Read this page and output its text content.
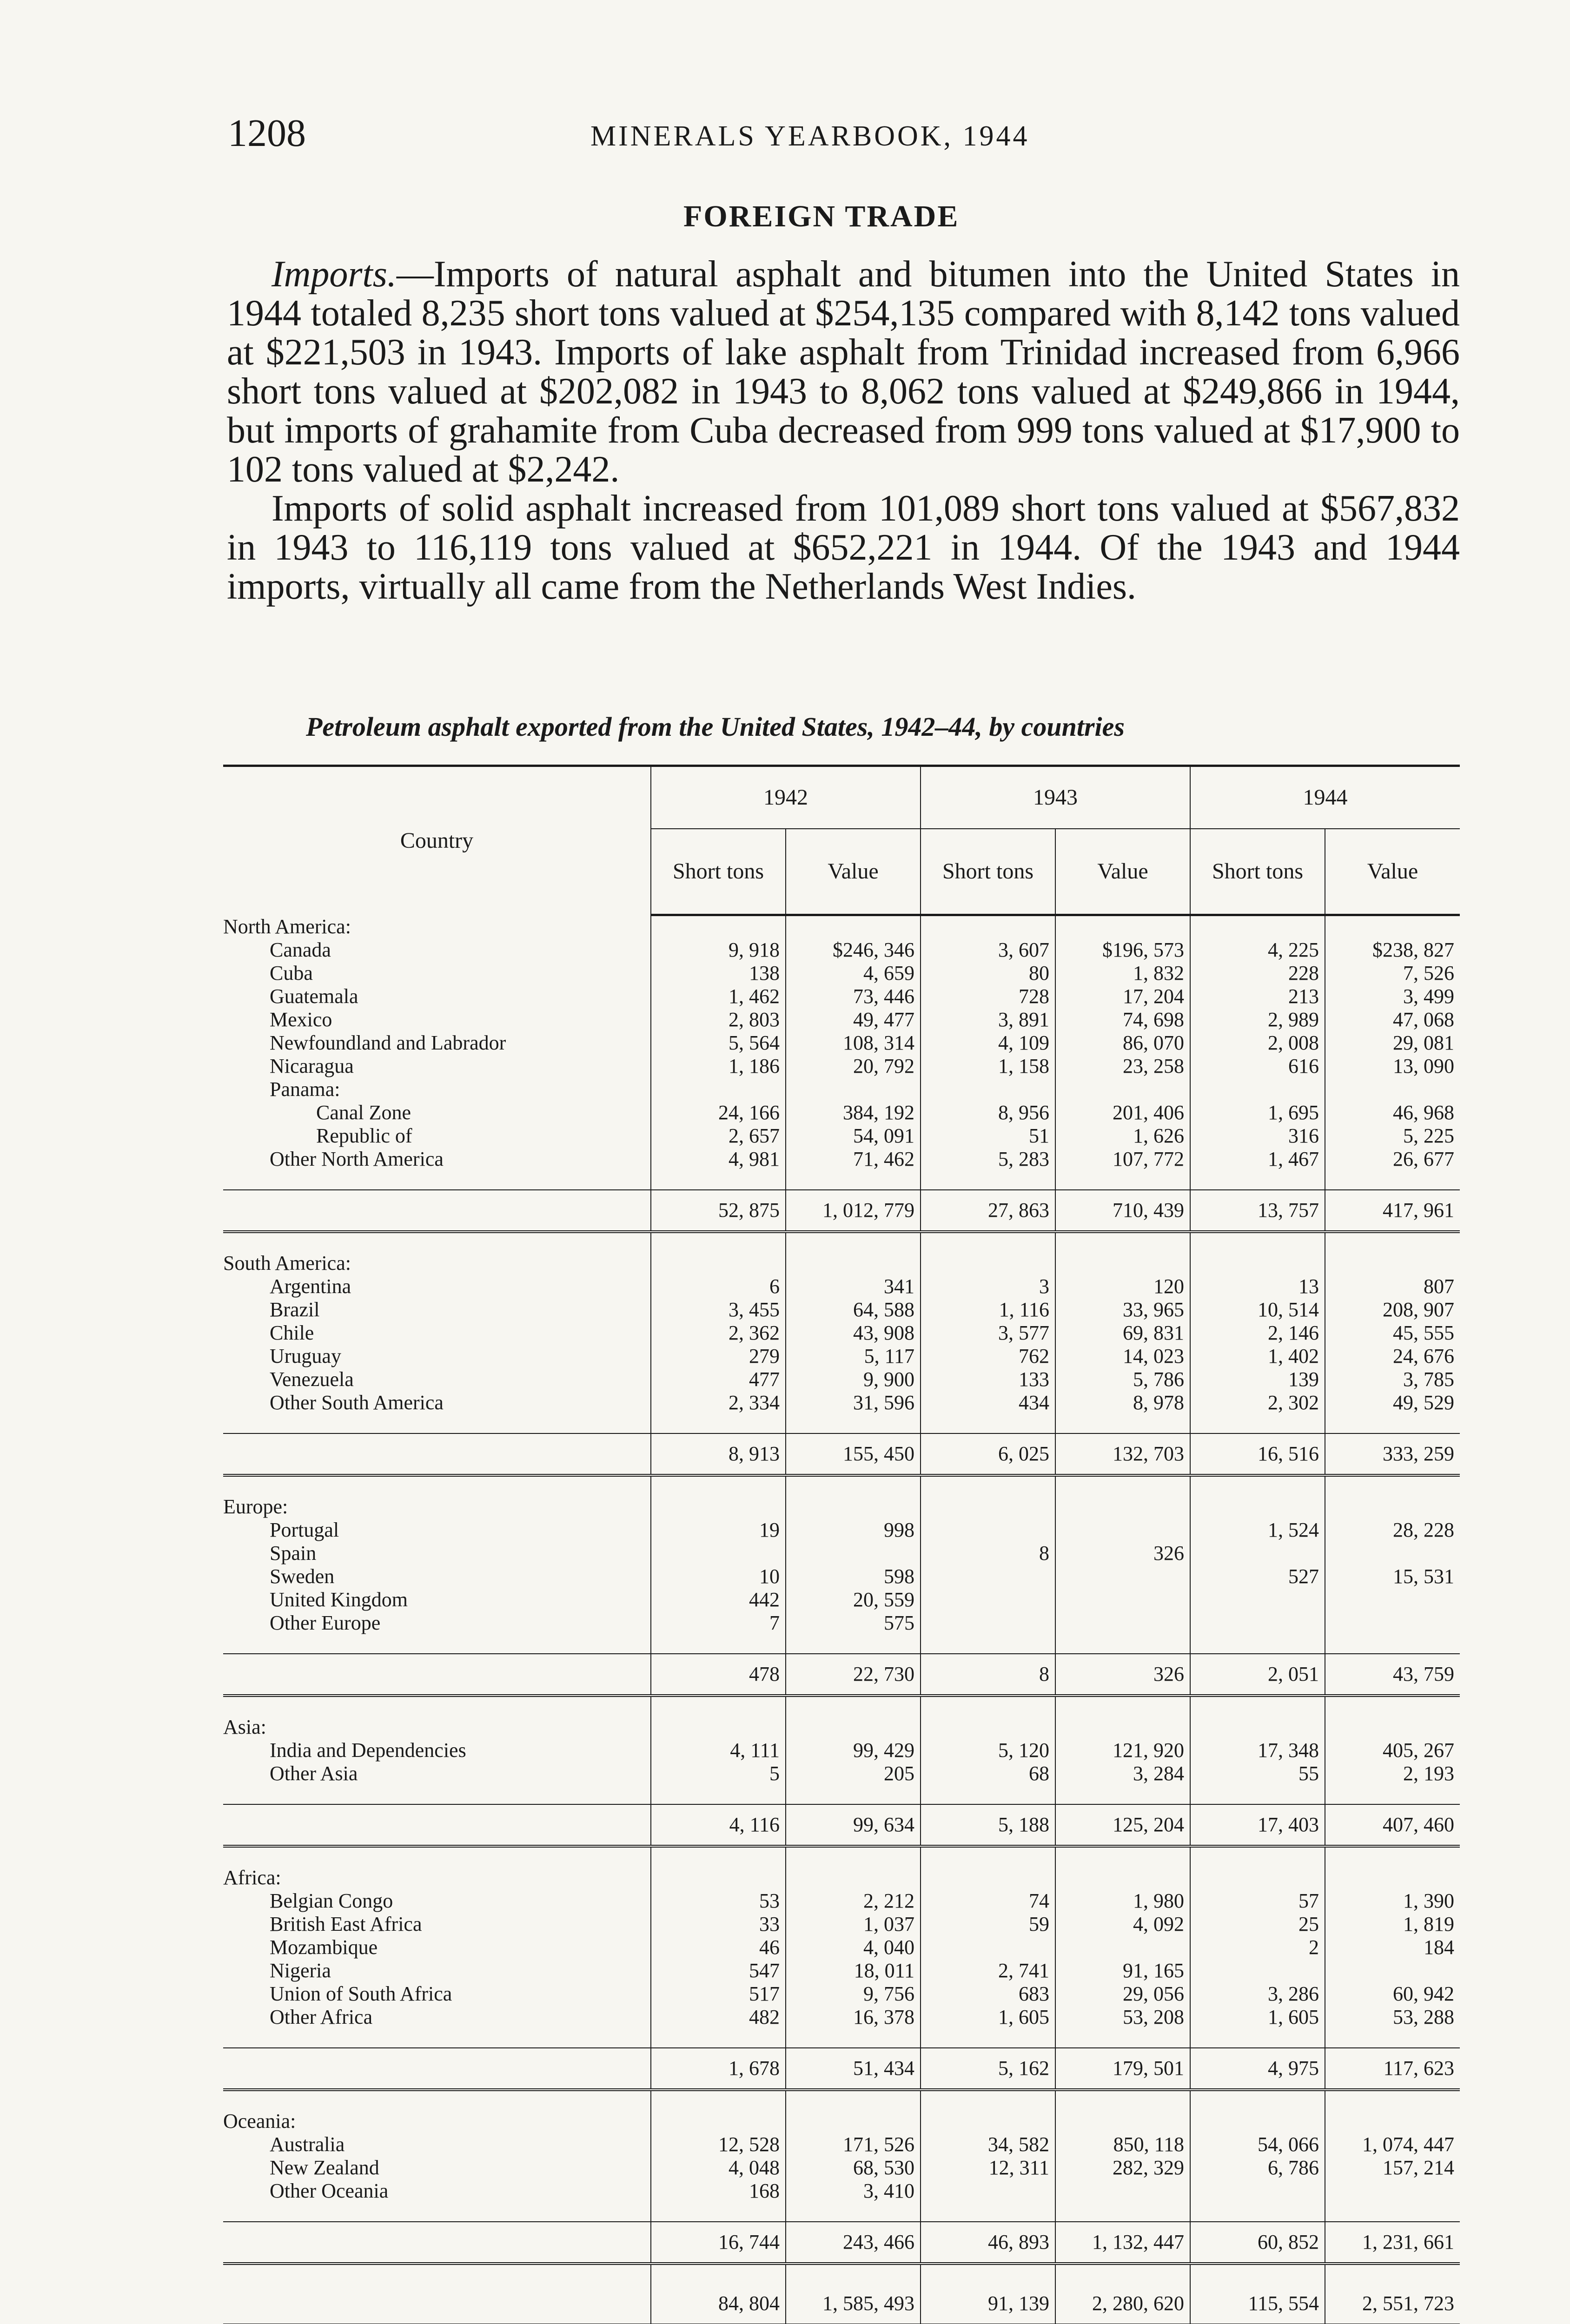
1208	MINERALS YEARBOOK, 1944
FOREIGN TRADE

Imports.—Imports of natural asphalt and bitumen into the United States in 1944 totaled 8,235 short tons valued at $254,135 compared with 8,142 tons valued at $221,503 in 1943. Imports of lake asphalt from Trinidad increased from 6,966 short tons valued at $202,082 in 1943 to 8,062 tons valued at $249,866 in 1944, but imports of grahamite from Cuba decreased from 999 tons valued at $17,900 to 102 tons valued at $2,242.

Imports of solid asphalt increased from 101,089 short tons valued at $567,832 in 1943 to 116,119 tons valued at $652,221 in 1944. Of the 1943 and 1944 imports, virtually all came from the Netherlands West Indies.

Petroleum asphalt exported from the United States, 1942–44, by countries
Country	1942		1943		1944	
	Short tons	Value	Short tons	Value	Short tons	Value
North America:						
Canada	9, 918	$246, 346	3, 607	$196, 573	4, 225	$238, 827
Cuba	138	4, 659	80	1, 832	228	7, 526
Guatemala	1, 462	73, 446	728	17, 204	213	3, 499
Mexico	2, 803	49, 477	3, 891	74, 698	2, 989	47, 068
Newfoundland and Labrador	5, 564	108, 314	4, 109	86, 070	2, 008	29, 081
Nicaragua	1, 186	20, 792	1, 158	23, 258	616	13, 090
Panama:						
Canal Zone	24, 166	384, 192	8, 956	201, 406	1, 695	46, 968
Republic of	2, 657	54, 091	51	1, 626	316	5, 225
Other North America	4, 981	71, 462	5, 283	107, 772	1, 467	26, 677

	52, 875	1, 012, 779	27, 863	710, 439	13, 757	417, 961

South America:						
Argentina	6	341	3	120	13	807
Brazil	3, 455	64, 588	1, 116	33, 965	10, 514	208, 907
Chile	2, 362	43, 908	3, 577	69, 831	2, 146	45, 555
Uruguay	279	5, 117	762	14, 023	1, 402	24, 676
Venezuela	477	9, 900	133	5, 786	139	3, 785
Other South America	2, 334	31, 596	434	8, 978	2, 302	49, 529

	8, 913	155, 450	6, 025	132, 703	16, 516	333, 259

Europe:						
Portugal	19	998			1, 524	28, 228
Spain			8	326		
Sweden	10	598			527	15, 531
United Kingdom	442	20, 559				
Other Europe	7	575				

	478	22, 730	8	326	2, 051	43, 759

Asia:						
India and Dependencies	4, 111	99, 429	5, 120	121, 920	17, 348	405, 267
Other Asia	5	205	68	3, 284	55	2, 193

	4, 116	99, 634	5, 188	125, 204	17, 403	407, 460

Africa:						
Belgian Congo	53	2, 212	74	1, 980	57	1, 390
British East Africa	33	1, 037	59	4, 092	25	1, 819
Mozambique	46	4, 040			2	184
Nigeria	547	18, 011	2, 741	91, 165		
Union of South Africa	517	9, 756	683	29, 056	3, 286	60, 942
Other Africa	482	16, 378	1, 605	53, 208	1, 605	53, 288

	1, 678	51, 434	5, 162	179, 501	4, 975	117, 623

Oceania:						
Australia	12, 528	171, 526	34, 582	850, 118	54, 066	1, 074, 447
New Zealand	4, 048	68, 530	12, 311	282, 329	6, 786	157, 214
Other Oceania	168	3, 410				

	16, 744	243, 466	46, 893	1, 132, 447	60, 852	1, 231, 661

	84, 804	1, 585, 493	91, 139	2, 280, 620	115, 554	2, 551, 723
